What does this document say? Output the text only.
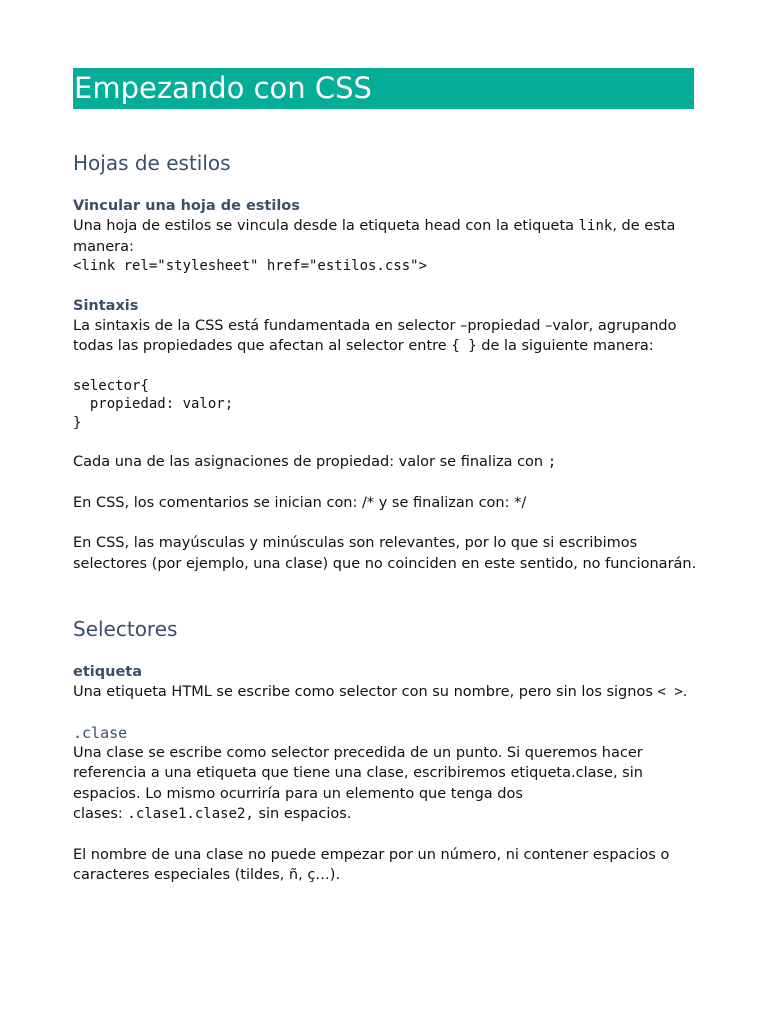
Empezando con CSS
Hojas de estilos
Vincular una hoja de estilos

Una hoja de estilos se vincula desde la etiqueta head con la etiqueta link, de esta manera:

<link rel="stylesheet" href="estilos.css">
Sintaxis

La sintaxis de la CSS está fundamentada en selector –propiedad –valor, agrupando todas las propiedades que afectan al selector entre { } de la siguiente manera:

selector{
propiedad: valor;
}

Cada una de las asignaciones de propiedad: valor se finaliza con ;

En CSS, los comentarios se inician con: /* y se finalizan con: */

En CSS, las mayúsculas y minúsculas son relevantes, por lo que si escribimos selectores (por ejemplo, una clase) que no coinciden en este sentido, no funcionarán.

Selectores
etiqueta

Una etiqueta HTML se escribe como selector con su nombre, pero sin los signos < >.

.clase

Una clase se escribe como selector precedida de un punto. Si queremos hacer referencia a una etiqueta que tiene una clase, escribiremos etiqueta.clase, sin espacios. Lo mismo ocurriría para un elemento que tenga dos

clases: .clase1.clase2, sin espacios.

El nombre de una clase no puede empezar por un número, ni contener espacios o caracteres especiales (tildes, ñ, ç…).
